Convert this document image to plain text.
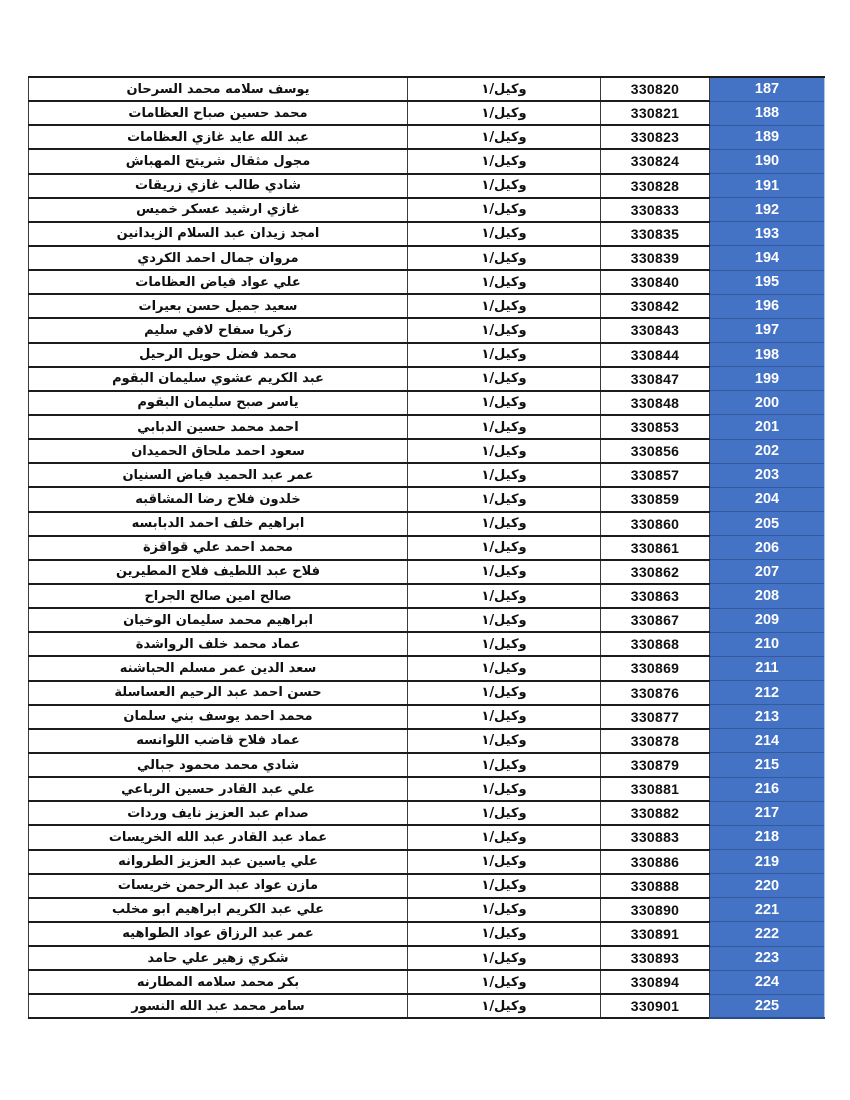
187	330820	وكيل/١	يوسف سلامه محمد السرحان
188	330821	وكيل/١	محمد حسين صباح العظامات
189	330823	وكيل/١	عبد الله عايد غازي العظامات
190	330824	وكيل/١	مجول مثقال شريتح المهباش
191	330828	وكيل/١	شادي طالب غازي زريقات
192	330833	وكيل/١	غازي ارشيد عسكر خميس
193	330835	وكيل/١	امجد زيدان عبد السلام الزيدانين
194	330839	وكيل/١	مروان جمال احمد الكردي
195	330840	وكيل/١	علي عواد فياض العظامات
196	330842	وكيل/١	سعيد جميل حسن بعيرات
197	330843	وكيل/١	زكريا سفاح لافي سليم
198	330844	وكيل/١	محمد فضل حويل الرحيل
199	330847	وكيل/١	عبد الكريم عشوي سليمان البقوم
200	330848	وكيل/١	ياسر صبح سليمان البقوم
201	330853	وكيل/١	احمد محمد حسين الدبابي
202	330856	وكيل/١	سعود احمد ملحاق الحميدان
203	330857	وكيل/١	عمر عبد الحميد فياض السنيان
204	330859	وكيل/١	خلدون فلاح رضا المشاقبه
205	330860	وكيل/١	ابراهيم خلف احمد الدبابسه
206	330861	وكيل/١	محمد احمد علي قواقزة
207	330862	وكيل/١	فلاح عبد اللطيف فلاح المطيرين
208	330863	وكيل/١	صالح امين صالح الجراح
209	330867	وكيل/١	ابراهيم محمد سليمان الوخيان
210	330868	وكيل/١	عماد محمد خلف الرواشدة
211	330869	وكيل/١	سعد الدين عمر مسلم الحباشنه
212	330876	وكيل/١	حسن احمد عبد الرحيم العساسلة
213	330877	وكيل/١	محمد احمد يوسف بني سلمان
214	330878	وكيل/١	عماد فلاح قاضب اللوانسه
215	330879	وكيل/١	شادي محمد محمود جبالي
216	330881	وكيل/١	علي عبد القادر حسين الرباعي
217	330882	وكيل/١	صدام عبد العزيز نايف وردات
218	330883	وكيل/١	عماد عبد القادر عبد الله الخريسات
219	330886	وكيل/١	علي ياسين عبد العزيز الطروانه
220	330888	وكيل/١	مازن عواد عبد الرحمن خريسات
221	330890	وكيل/١	علي عبد الكريم ابراهيم ابو مخلب
222	330891	وكيل/١	عمر عبد الرزاق عواد الطواهيه
223	330893	وكيل/١	شكري زهير علي حامد
224	330894	وكيل/١	بكر محمد سلامه المطارنه
225	330901	وكيل/١	سامر محمد عبد الله النسور
